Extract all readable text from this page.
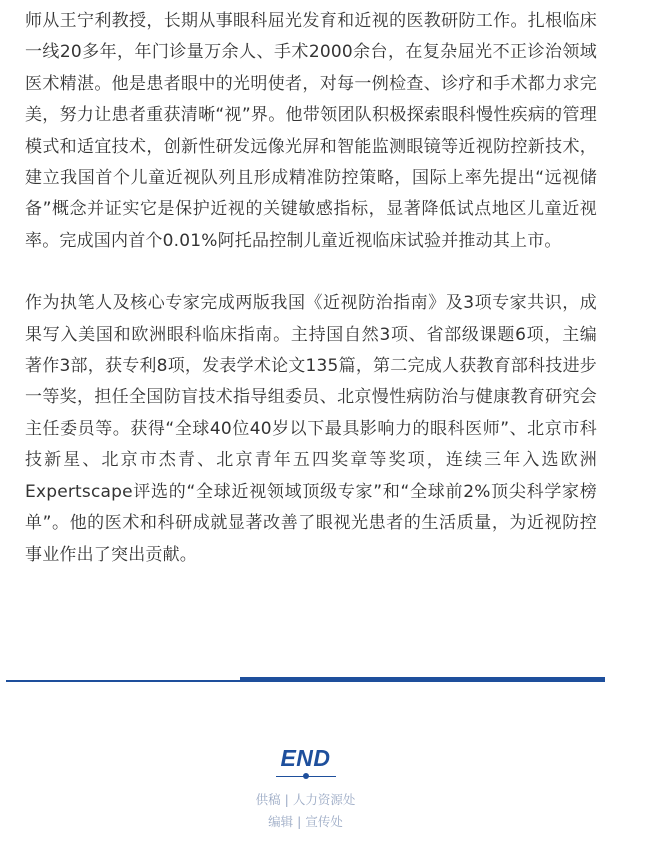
师从王宁利教授，长期从事眼科屈光发育和近视的医教研防工作。扎根临床一线20多年，年门诊量万余人、手术2000余台，在复杂屈光不正诊治领域医术精湛。他是患者眼中的光明使者，对每一例检查、诊疗和手术都力求完美，努力让患者重获清晰“视”界。他带领团队积极探索眼科慢性疾病的管理模式和适宜技术，创新性研发远像光屏和智能监测眼镜等近视防控新技术，建立我国首个儿童近视队列且形成精准防控策略，国际上率先提出“远视储备”概念并证实它是保护近视的关键敏感指标，显著降低试点地区儿童近视率。完成国内首个0.01%阿托品控制儿童近视临床试验并推动其上市。

作为执笔人及核心专家完成两版我国《近视防治指南》及3项专家共识，成果写入美国和欧洲眼科临床指南。主持国自然3项、省部级课题6项，主编著作3部，获专利8项，发表学术论文135篇，第二完成人获教育部科技进步一等奖，担任全国防盲技术指导组委员、北京慢性病防治与健康教育研究会主任委员等。获得“全球40位40岁以下最具影响力的眼科医师”、北京市科技新星、北京市杰青、北京青年五四奖章等奖项，连续三年入选欧洲Expertscape评选的“全球近视领域顶级专家”和“全球前2%顶尖科学家榜单”。他的医术和科研成就显著改善了眼视光患者的生活质量，为近视防控事业作出了突出贡献。

END
供稿 | 人力资源处
编辑 | 宣传处
